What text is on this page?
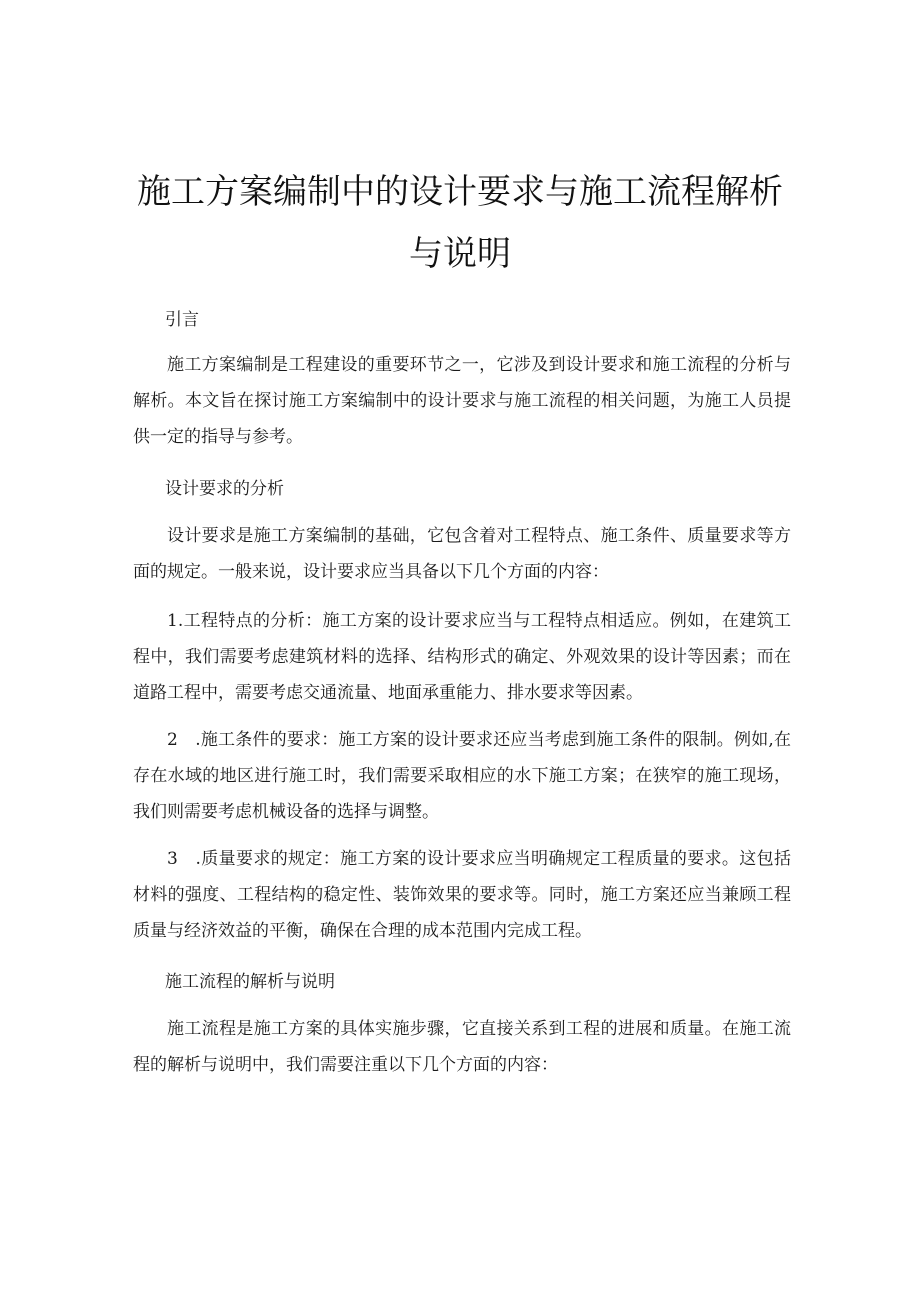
施工方案编制中的设计要求与施工流程解析
与说明

引言

施工方案编制是工程建设的重要环节之一，它涉及到设计要求和施工流程的分析与解析。本文旨在探讨施工方案编制中的设计要求与施工流程的相关问题，为施工人员提供一定的指导与参考。

设计要求的分析

设计要求是施工方案编制的基础，它包含着对工程特点、施工条件、质量要求等方面的规定。一般来说，设计要求应当具备以下几个方面的内容：

1.工程特点的分析：施工方案的设计要求应当与工程特点相适应。例如，在建筑工程中，我们需要考虑建筑材料的选择、结构形式的确定、外观效果的设计等因素；而在道路工程中，需要考虑交通流量、地面承重能力、排水要求等因素。

2　.施工条件的要求：施工方案的设计要求还应当考虑到施工条件的限制。例如,在存在水域的地区进行施工时，我们需要采取相应的水下施工方案；在狭窄的施工现场，我们则需要考虑机械设备的选择与调整。

3　.质量要求的规定：施工方案的设计要求应当明确规定工程质量的要求。这包括材料的强度、工程结构的稳定性、装饰效果的要求等。同时，施工方案还应当兼顾工程质量与经济效益的平衡，确保在合理的成本范围内完成工程。

施工流程的解析与说明

施工流程是施工方案的具体实施步骤，它直接关系到工程的进展和质量。在施工流程的解析与说明中，我们需要注重以下几个方面的内容：
